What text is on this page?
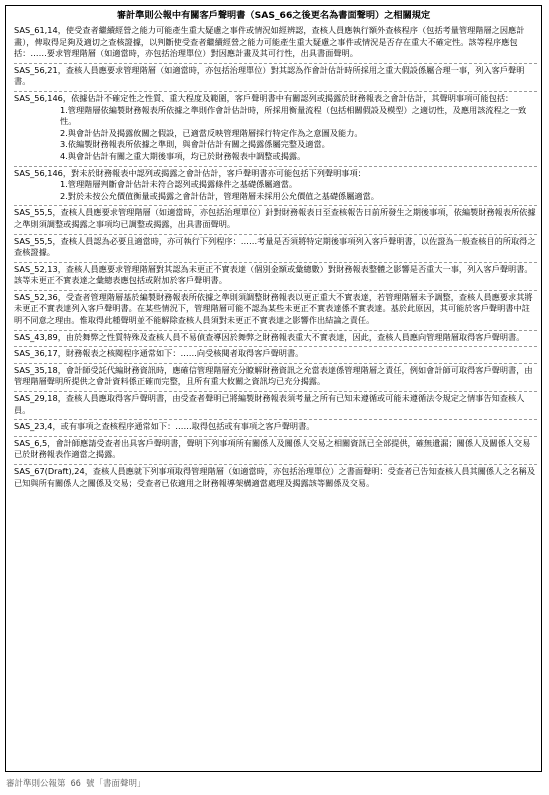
審計準則公報中有關客戶聲明書（SAS_66之後更名為書面聲明）之相關規定
SAS_61,14，使受查者繼續經營之能力可能產生重大疑慮之事件或情況如經辨認，查核人員應執行額外查核程序（包括考量管理階層之因應計畫），俾取得足夠及適切之查核證據，以判斷使受查者繼續經營之能力可能產生重大疑慮之事件或情況是否存在重大不確定性。該等程序應包括：……要求管理階層（如適當時，亦包括治理單位）對因應計畫及其可行性，出具書面聲明。
SAS_56,21，查核人員應要求管理階層（如適當時，亦包括治理單位）對其認為作會計估計時所採用之重大假設係屬合理一事，列入客戶聲明書。
SAS_56,146，依據估計不確定性之性質、重大程度及範圍，客戶聲明書中有關認列或揭露於財務報表之會計估計，其聲明事項可能包括：
1.管理階層依編製財務報表所依據之準則作會計估計時，所採用衡量流程（包括相關假設及模型）之適切性，及應用該流程之一致性。
2.與會計估計及揭露攸關之假設，已適當反映管理階層採行特定作為之意圖及能力。
3.依編製財務報表所依據之準則，與會計估計有關之揭露係屬完整及適當。
4.與會計估計有關之重大期後事項，均已於財務報表中調整或揭露。
SAS_56,146，對未於財務報表中認列或揭露之會計估計，客戶聲明書亦可能包括下列聲明事項：
1.管理階層判斷會計估計未符合認列或揭露條件之基礎係屬適當。
2.對於未按公允價值衡量或揭露之會計估計，管理階層未採用公允價值之基礎係屬適當。
SAS_55,5，查核人員應要求管理階層（如適當時，亦包括治理單位）針對財務報表日至查核報告日前所發生之期後事項，依編製財務報表所依據之準則須調整或揭露之事項均已調整或揭露，出具書面聲明。
SAS_55,5，查核人員認為必要且適當時，亦可執行下列程序：……考量是否須將特定期後事項列入客戶聲明書，以佐證為一般查核目的所取得之查核證據。
SAS_52,13，查核人員應要求管理階層對其認為未更正不實表達（個別金額或彙總數）對財務報表整體之影響是否重大一事，列入客戶聲明書。該等未更正不實表達之彙總表應包括或附加於客戶聲明書。
SAS_52,36，受查者管理階層基於編製財務報表所依據之準則須調整財務報表以更正重大不實表達，若管理階層未予調整，查核人員應要求其將未更正不實表達列入客戶聲明書。在某些情況下，管理階層可能不認為某些未更正不實表達係不實表達。基於此原因，其可能於客戶聲明書中註明不同意之理由。惟取得此種聲明並不能解除查核人員須對未更正不實表達之影響作出結論之責任。
SAS_43,89，由於舞弊之性質特殊及查核人員不易偵查導因於舞弊之財務報表重大不實表達，因此，查核人員應向管理階層取得客戶聲明書。
SAS_36,17，財務報表之核閱程序通常如下：……向受核閱者取得客戶聲明書。
SAS_35,18，會計師受託代編財務資訊時，應確信管理階層充分瞭解財務資訊之允當表達係管理階層之責任，例如會計師可取得客戶聲明書，由管理階層聲明所提供之會計資料係正確而完整，且所有重大攸關之資訊均已充分揭露。
SAS_29,18，查核人員應取得客戶聲明書，由受查者聲明已將編製財務報表須考量之所有已知未遵循或可能未遵循法令規定之情事告知查核人員。
SAS_23,4，或有事項之查核程序通常如下：……取得包括或有事項之客戶聲明書。
SAS_6,5，會計師應請受查者出具客戶聲明書，聲明下列事項所有關係人及關係人交易之相關資訊已全部提供，確無遺漏；關係人及關係人交易已於財務報表作適當之揭露。
SAS_67(Draft),24，查核人員應就下列事項取得管理階層（如適當時，亦包括治理單位）之書面聲明：受查者已告知查核人員其關係人之名稱及已知與所有關係人之關係及交易；受查者已依適用之財務報導架構適當處理及揭露該等關係及交易。
審計準則公報第 66 號「書面聲明」
